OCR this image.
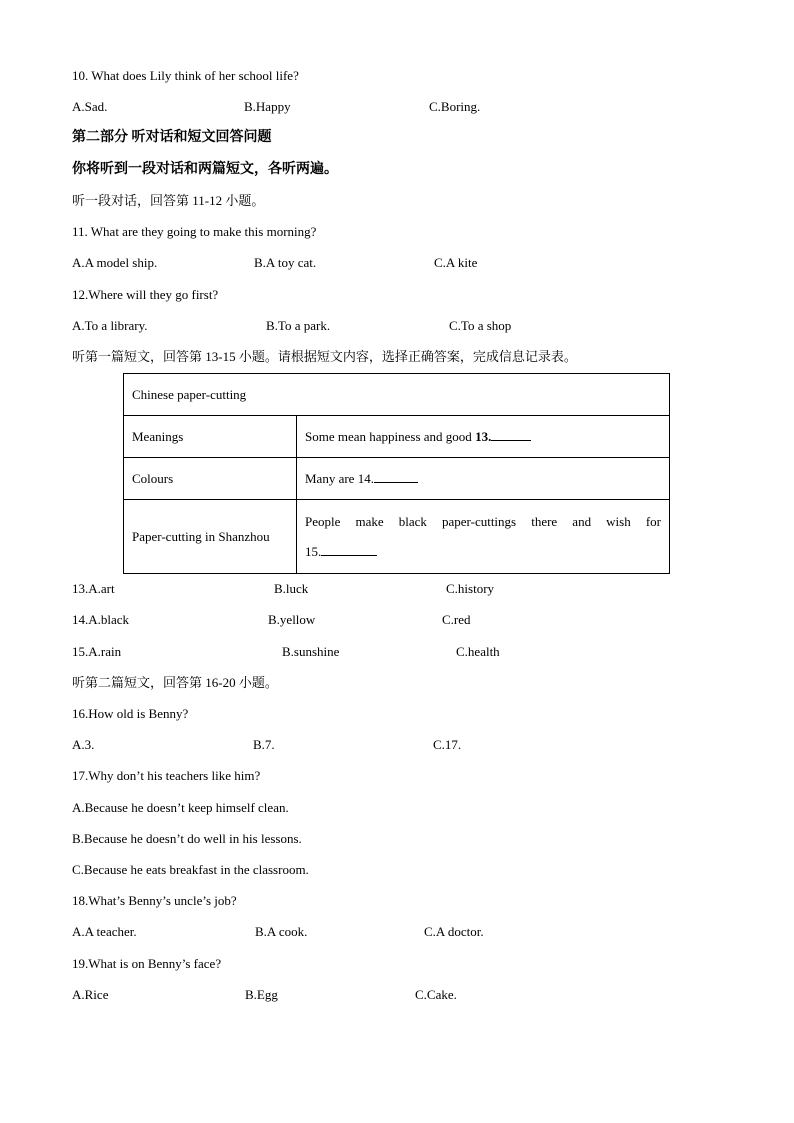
10. What does Lily think of her school life?
A.Sad.	B.Happy	C.Boring.
第二部分 听对话和短文回答问题
你将听到一段对话和两篇短文，各听两遍。
听一段对话，回答第 11-12 小题。
11. What are they going to make this morning?
A.A model ship.	B.A toy cat.	C.A kite
12.Where will they go first?
A.To a library.	B.To a park.	C.To a shop
听第一篇短文，回答第 13-15 小题。请根据短文内容，选择正确答案，完成信息记录表。
Chinese paper-cutting	
Meanings	Some mean happiness and good 13.
Colours	Many are 14.
Paper-cutting in Shanzhou	People make black paper-cuttings there and wish for
15.
13.A.art	B.luck	C.history
14.A.black	B.yellow	C.red
15.A.rain	B.sunshine	C.health
听第二篇短文，回答第 16-20 小题。
16.How old is Benny?
A.3.	B.7.	C.17.
17.Why don’t his teachers like him?
A.Because he doesn’t keep himself clean.
B.Because he doesn’t do well in his lessons.
C.Because he eats breakfast in the classroom.
18.What’s Benny’s uncle’s job?
A.A teacher.	B.A cook.	C.A doctor.
19.What is on Benny’s face?
A.Rice	B.Egg	C.Cake.
